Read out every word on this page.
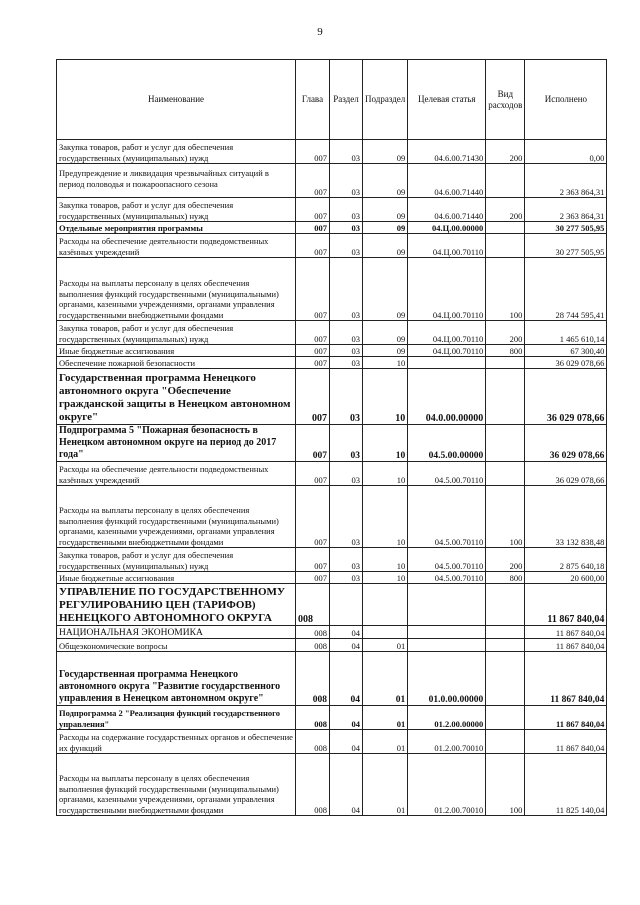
9
Наименование	Глава	Раздел	Подраздел	Целевая статья	Вид расходов	Исполнено
Закупка товаров, работ и услуг для обеспечения государственных (муниципальных) нужд	007	03	09	04.6.00.71430	200	0,00
Предупреждение и ликвидация чрезвычайных ситуаций в период половодья и пожароопасного сезона	007	03	09	04.6.00.71440		2 363 864,31
Закупка товаров, работ и услуг для обеспечения государственных (муниципальных) нужд	007	03	09	04.6.00.71440	200	2 363 864,31
Отдельные мероприятия программы	007	03	09	04.Ц.00.00000		30 277 505,95
Расходы на обеспечение деятельности подведомственных казённых учреждений	007	03	09	04.Ц.00.70110		30 277 505,95
Расходы на выплаты персоналу в целях обеспечения выполнения функций государственными (муниципальными) органами, казенными учреждениями, органами управления государственными внебюджетными фондами	007	03	09	04.Ц.00.70110	100	28 744 595,41
Закупка товаров, работ и услуг для обеспечения государственных (муниципальных) нужд	007	03	09	04.Ц.00.70110	200	1 465 610,14
Иные бюджетные ассигнования	007	03	09	04.Ц.00.70110	800	67 300,40
Обеспечение пожарной безопасности	007	03	10			36 029 078,66
Государственная программа Ненецкого автономного округа "Обеспечение гражданской защиты в Ненецком автономном округе"	007	03	10	04.0.00.00000		36 029 078,66
Подпрограмма 5 "Пожарная безопасность в Ненецком автономном округе на период до 2017 года"	007	03	10	04.5.00.00000		36 029 078,66
Расходы на обеспечение деятельности подведомственных казённых учреждений	007	03	10	04.5.00.70110		36 029 078,66
Расходы на выплаты персоналу в целях обеспечения выполнения функций государственными (муниципальными) органами, казенными учреждениями, органами управления государственными внебюджетными фондами	007	03	10	04.5.00.70110	100	33 132 838,48
Закупка товаров, работ и услуг для обеспечения государственных (муниципальных) нужд	007	03	10	04.5.00.70110	200	2 875 640,18
Иные бюджетные ассигнования	007	03	10	04.5.00.70110	800	20 600,00
УПРАВЛЕНИЕ ПО ГОСУДАРСТВЕННОМУ РЕГУЛИРОВАНИЮ ЦЕН (ТАРИФОВ) НЕНЕЦКОГО АВТОНОМНОГО ОКРУГА	008					11 867 840,04
НАЦИОНАЛЬНАЯ ЭКОНОМИКА	008	04				11 867 840,04
Общеэкономические вопросы	008	04	01			11 867 840,04
Государственная программа Ненецкого автономного округа "Развитие государственного управления в Ненецком автономном округе"	008	04	01	01.0.00.00000		11 867 840,04
Подпрограмма 2 "Реализация функций государственного управления"	008	04	01	01.2.00.00000		11 867 840,04
Расходы на содержание государственных органов и обеспечение их функций	008	04	01	01.2.00.70010		11 867 840,04
Расходы на выплаты персоналу в целях обеспечения выполнения функций государственными (муниципальными) органами, казенными учреждениями, органами управления государственными внебюджетными фондами	008	04	01	01.2.00.70010	100	11 825 140,04
